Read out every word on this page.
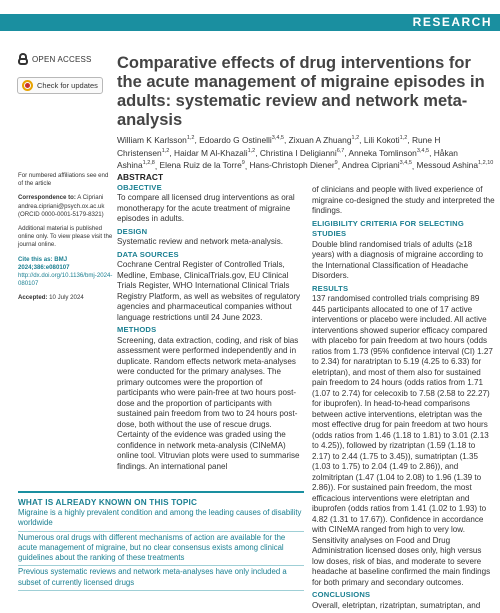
RESEARCH
OPEN ACCESS
Check for updates
Comparative effects of drug interventions for the acute management of migraine episodes in adults: systematic review and network meta-analysis
William K Karlsson$^{1,2}$, Edoardo G Ostinelli$^{3,4,5}$, Zixuan A Zhuang$^{1,2}$, Lili Kokoti$^{1,2}$, Rune H Christensen$^{1,2}$, Haidar M Al-Khazali$^{1,2}$, Christina I Deligianni$^{6,7}$, Anneka Tomlinson$^{3,4,5}$, Håkan Ashina$^{1,2,8}$, Elena Ruiz de la Torre$^9$, Hans-Christoph Diener$^9$, Andrea Cipriani$^{3,4,5}$, Messoud Ashina$^{1,2,10}$

For numbered affiliations see end of the article

Correspondence to: A Cipriani andrea.cipriani@psych.ox.ac.uk (ORCID 0000-0001-5179-8321)

Additional material is published online only. To view please visit the journal online.

Cite this as: BMJ 2024;386:e080107
http://dx.doi.org/10.1136/bmj-2024-080107

Accepted: 10 July 2024

ABSTRACT
OBJECTIVE

To compare all licensed drug interventions as oral monotherapy for the acute treatment of migraine episodes in adults.

DESIGN

Systematic review and network meta-analysis.

DATA SOURCES

Cochrane Central Register of Controlled Trials, Medline, Embase, ClinicalTrials.gov, EU Clinical Trials Register, WHO International Clinical Trials Registry Platform, as well as websites of regulatory agencies and pharmaceutical companies without language restrictions until 24 June 2023.

METHODS

Screening, data extraction, coding, and risk of bias assessment were performed independently and in duplicate. Random effects network meta-analyses were conducted for the primary analyses. The primary outcomes were the proportion of participants who were pain-free at two hours post-dose and the proportion of participants with sustained pain freedom from two to 24 hours post-dose, both without the use of rescue drugs. Certainty of the evidence was graded using the confidence in network meta-analysis (CINeMA) online tool. Vitruvian plots were used to summarise findings. An international panel

of clinicians and people with lived experience of migraine co-designed the study and interpreted the findings.

ELIGIBILITY CRITERIA FOR SELECTING STUDIES

Double blind randomised trials of adults (≥18 years) with a diagnosis of migraine according to the International Classification of Headache Disorders.

RESULTS

137 randomised controlled trials comprising 89 445 participants allocated to one of 17 active interventions or placebo were included. All active interventions showed superior efficacy compared with placebo for pain freedom at two hours (odds ratios from 1.73 (95% confidence interval (CI) 1.27 to 2.34) for naratriptan to 5.19 (4.25 to 6.33) for eletriptan), and most of them also for sustained pain freedom to 24 hours (odds ratios from 1.71 (1.07 to 2.74) for celecoxib to 7.58 (2.58 to 22.27) for ibuprofen). In head-to-head comparisons between active interventions, eletriptan was the most effective drug for pain freedom at two hours (odds ratios from 1.46 (1.18 to 1.81) to 3.01 (2.13 to 4.25)), followed by rizatriptan (1.59 (1.18 to 2.17) to 2.44 (1.75 to 3.45)), sumatriptan (1.35 (1.03 to 1.75) to 2.04 (1.49 to 2.86)), and zolmitriptan (1.47 (1.04 to 2.08) to 1.96 (1.39 to 2.86)). For sustained pain freedom, the most efficacious interventions were eletriptan and ibuprofen (odds ratios from 1.41 (1.02 to 1.93) to 4.82 (1.31 to 17.67)). Confidence in accordance with CINeMA ranged from high to very low. Sensitivity analyses on Food and Drug Administration licensed doses only, high versus low doses, risk of bias, and moderate to severe headache at baseline confirmed the main findings for both primary and secondary outcomes.

CONCLUSIONS

Overall, eletriptan, rizatriptan, sumatriptan, and

WHAT IS ALREADY KNOWN ON THIS TOPIC
Migraine is a highly prevalent condition and among the leading causes of disability worldwide
Numerous oral drugs with different mechanisms of action are available for the acute management of migraine, but no clear consensus exists among clinical guidelines about the ranking of these treatments
Previous systematic reviews and network meta-analyses have only included a subset of currently licensed drugs
